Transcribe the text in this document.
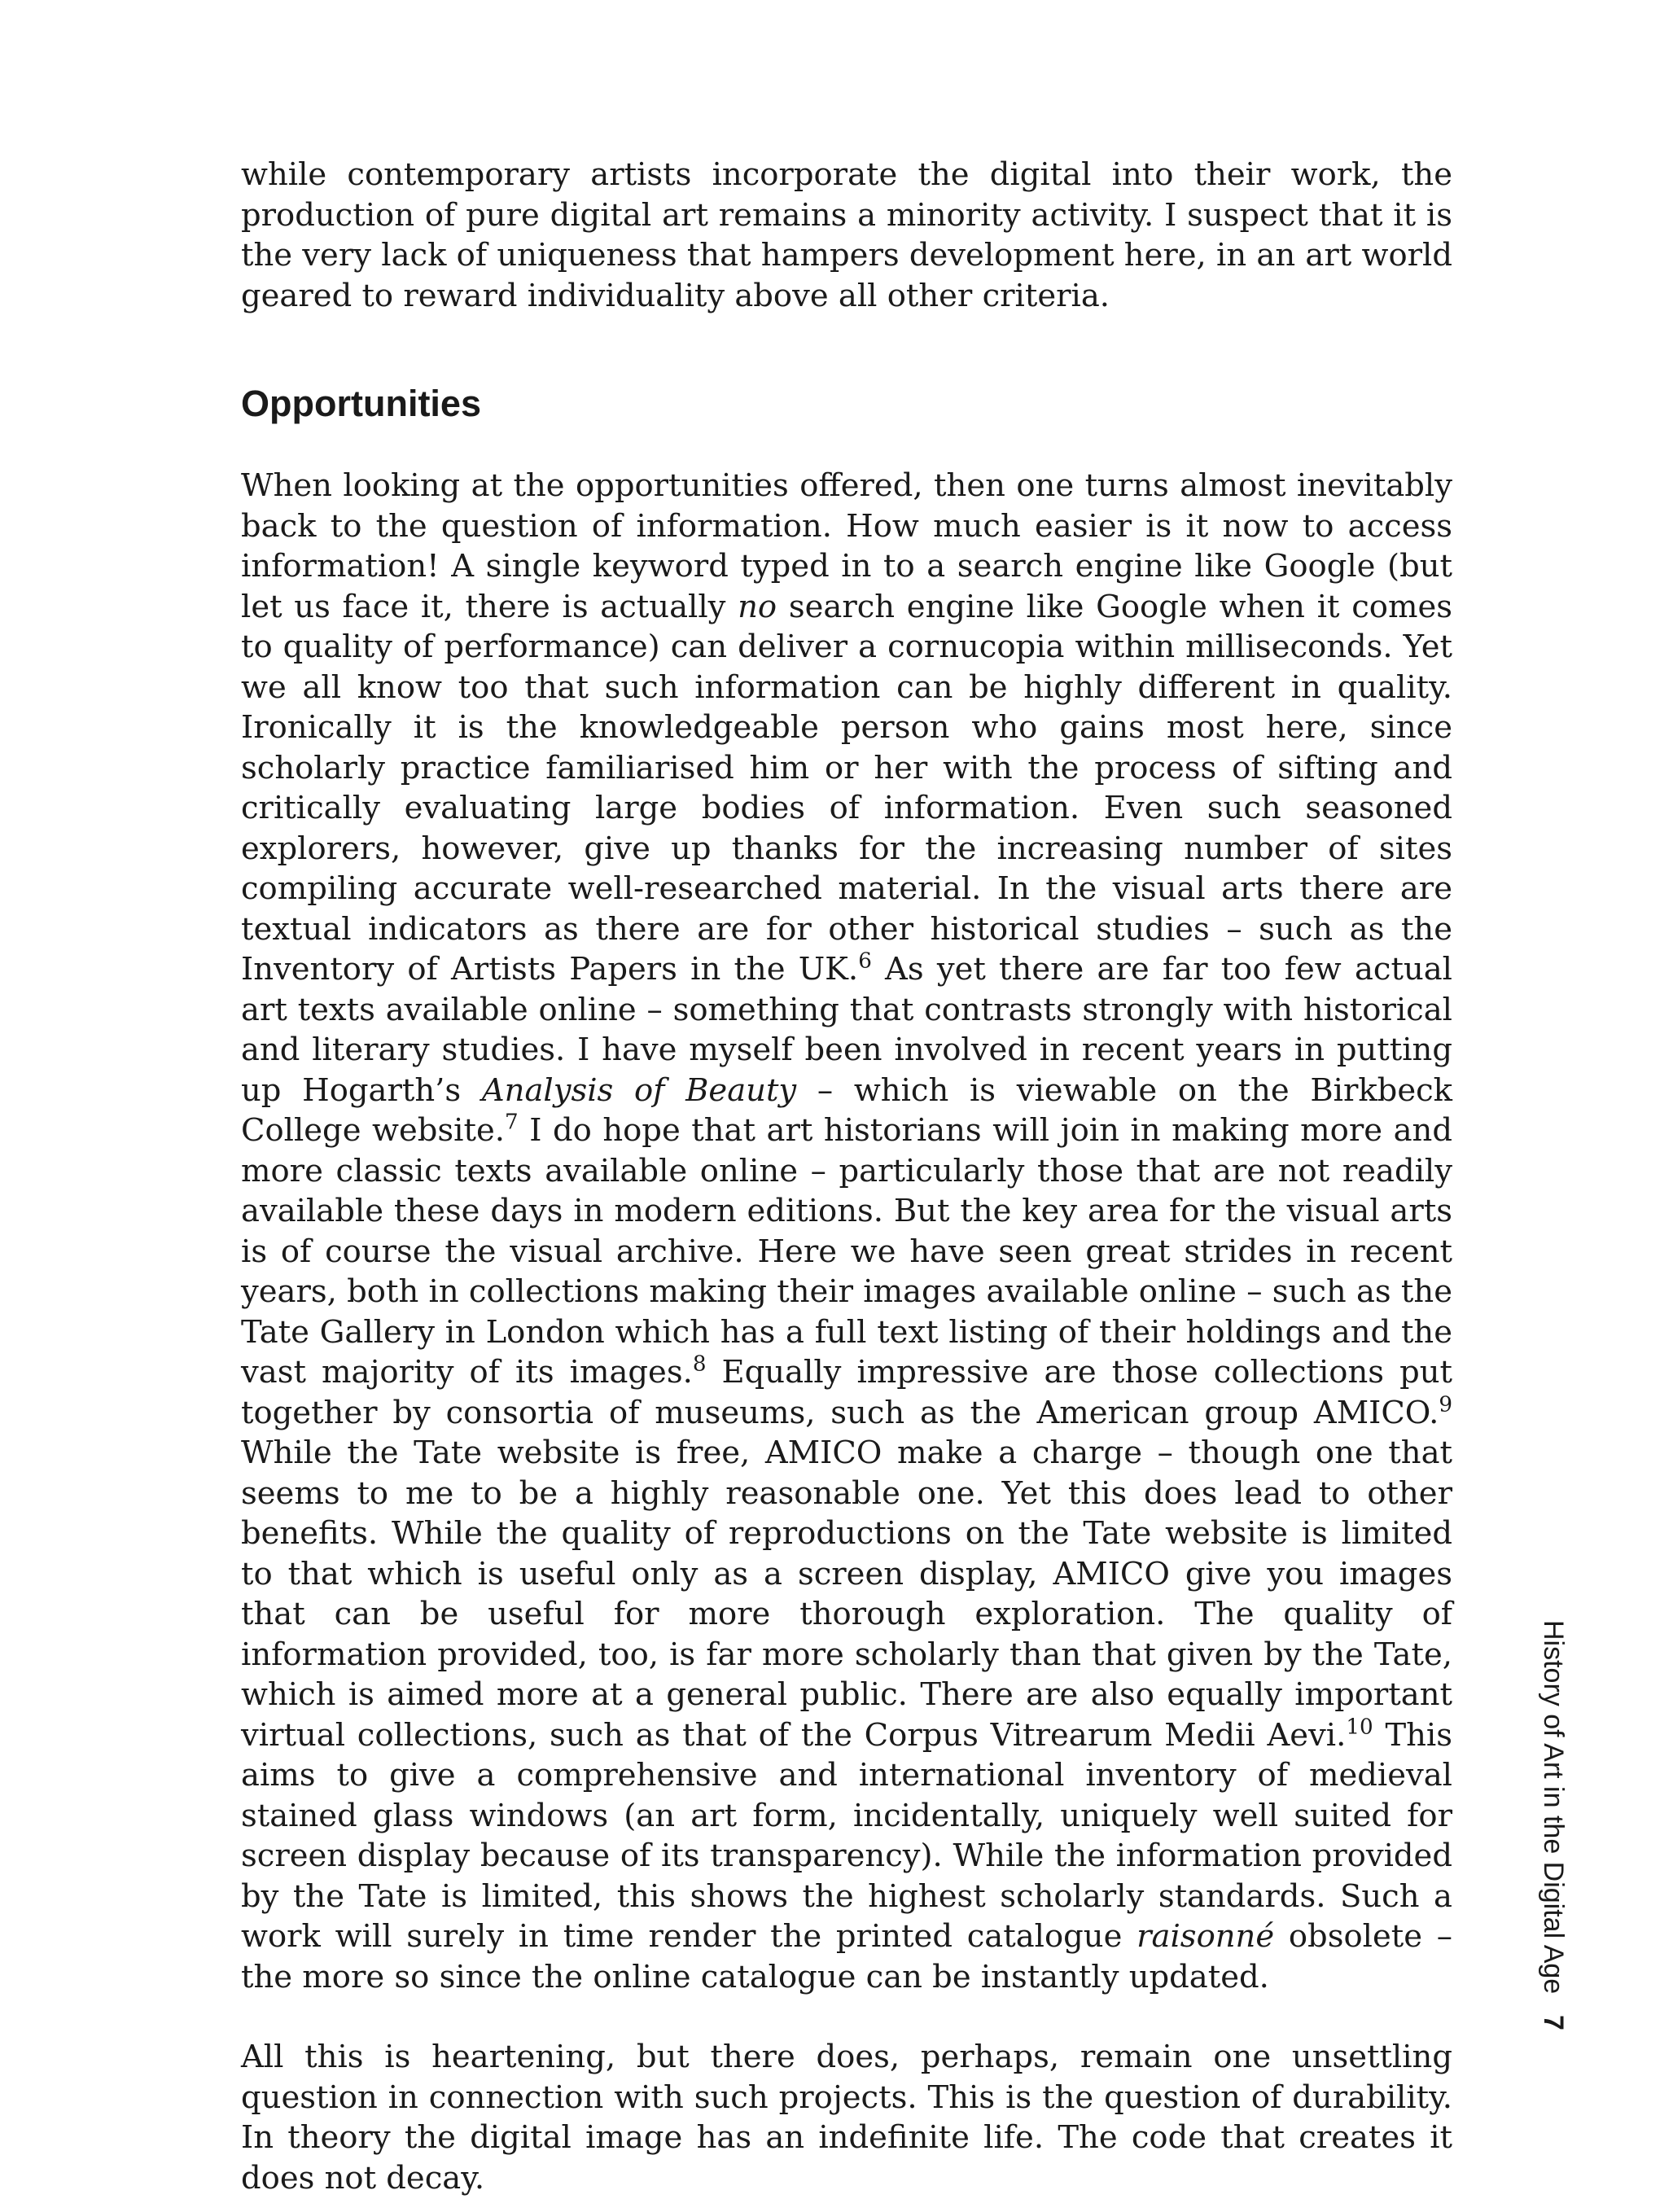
while contemporary artists incorporate the digital into their work, the production of pure digital art remains a minority activity. I suspect that it is the very lack of uniqueness that hampers development here, in an art world geared to reward individuality above all other criteria.

Opportunities

When looking at the opportunities offered, then one turns almost inevitably back to the question of information. How much easier is it now to access information! A single keyword typed in to a search engine like Google (but let us face it, there is actually no search engine like Google when it comes to quality of performance) can deliver a cornucopia within milliseconds. Yet we all know too that such information can be highly different in quality. Ironically it is the knowledgeable person who gains most here, since scholarly practice familiarised him or her with the process of sifting and critically evaluating large bodies of information. Even such seasoned explorers, however, give up thanks for the increasing number of sites compiling accurate well-researched material. In the visual arts there are textual indicators as there are for other historical studies – such as the Inventory of Artists Papers in the UK.$^6$ As yet there are far too few actual art texts available online – something that contrasts strongly with historical and literary studies. I have myself been involved in recent years in putting up Hogarth’s Analysis of Beauty – which is viewable on the Birkbeck College website.$^7$ I do hope that art historians will join in making more and more classic texts available online – particularly those that are not readily available these days in modern editions. But the key area for the visual arts is of course the visual archive. Here we have seen great strides in recent years, both in collections making their images available online – such as the Tate Gallery in London which has a full text listing of their holdings and the vast majority of its images.$^8$ Equally impressive are those collections put together by consortia of museums, such as the American group AMICO.$^9$ While the Tate website is free, AMICO make a charge – though one that seems to me to be a highly reasonable one. Yet this does lead to other benefits. While the quality of reproductions on the Tate website is limited to that which is useful only as a screen display, AMICO give you images that can be useful for more thorough exploration. The quality of information provided, too, is far more scholarly than that given by the Tate, which is aimed more at a general public. There are also equally important virtual collections, such as that of the Corpus Vitrearum Medii Aevi.$^{10}$ This aims to give a comprehensive and international inventory of medieval stained glass windows (an art form, incidentally, uniquely well suited for screen display because of its transparency). While the information provided by the Tate is limited, this shows the highest scholarly standards. Such a work will surely in time render the printed catalogue raisonné obsolete – the more so since the online catalogue can be instantly updated.

All this is heartening, but there does, perhaps, remain one unsettling question in connection with such projects. This is the question of durability. In theory the digital image has an indefinite life. The code that creates it does not decay.

History of Art in the Digital Age 7
